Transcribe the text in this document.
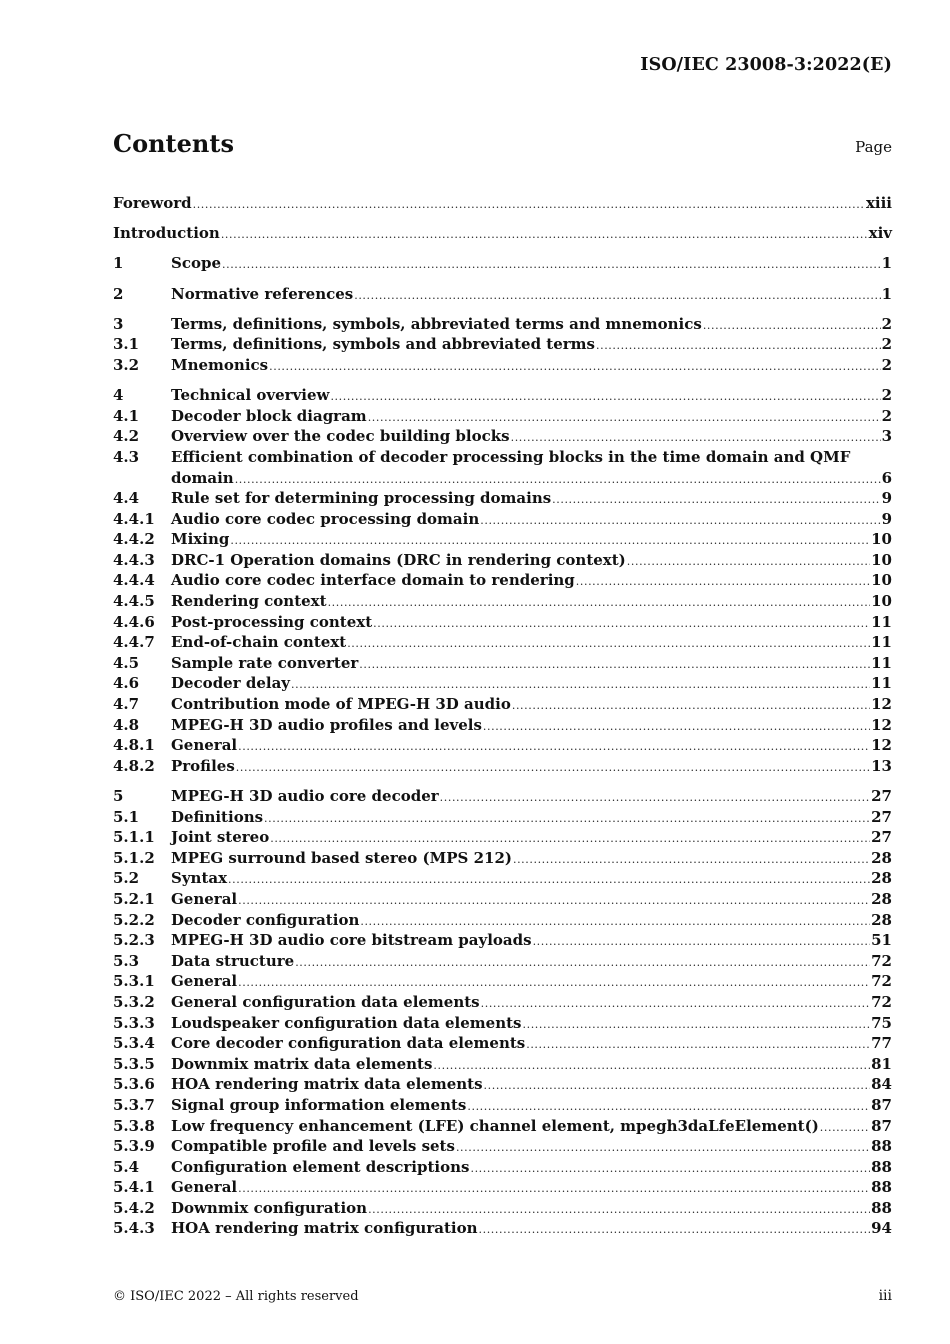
ISO/IEC 23008-3:2022(E)
Contents	Page
Foreword .....	xiii
Introduction .....	xiv
1	Scope .....	1
2	Normative references .....	1
3	Terms, definitions, symbols, abbreviated terms and mnemonics .....	2
3.1 Terms, definitions, symbols and abbreviated terms .....	2
3.2 Mnemonics .....	2
4	Technical overview .....	2
4.1 Decoder block diagram .....	2
4.2 Overview over the codec building blocks .....	3
4.3 Efficient combination of decoder processing blocks in the time domain and QMF
domain .....	6
4.4 Rule set for determining processing domains .....	9
4.4.1 Audio core codec processing domain .....	9
4.4.2 Mixing .....	10
4.4.3 DRC-1 Operation domains (DRC in rendering context) .....	10
4.4.4 Audio core codec interface domain to rendering .....	10
4.4.5 Rendering context .....	10
4.4.6 Post-processing context .....	11
4.4.7 End-of-chain context .....	11
4.5 Sample rate converter .....	11
4.6 Decoder delay .....	11
4.7 Contribution mode of MPEG-H 3D audio .....	12
4.8 MPEG-H 3D audio profiles and levels .....	12
4.8.1 General .....	12
4.8.2 Profiles .....	13
5	MPEG-H 3D audio core decoder .....	27
5.1 Definitions .....	27
5.1.1 Joint stereo .....	27
5.1.2 MPEG surround based stereo (MPS 212) .....	28
5.2 Syntax .....	28
5.2.1 General .....	28
5.2.2 Decoder configuration .....	28
5.2.3 MPEG-H 3D audio core bitstream payloads .....	51
5.3 Data structure .....	72
5.3.1 General .....	72
5.3.2 General configuration data elements .....	72
5.3.3 Loudspeaker configuration data elements .....	75
5.3.4 Core decoder configuration data elements .....	77
5.3.5 Downmix matrix data elements .....	81
5.3.6 HOA rendering matrix data elements .....	84
5.3.7 Signal group information elements .....	87
5.3.8 Low frequency enhancement (LFE) channel element, mpegh3daLfeElement() .....	87
5.3.9 Compatible profile and levels sets .....	88
5.4 Configuration element descriptions .....	88
5.4.1 General .....	88
5.4.2 Downmix configuration .....	88
5.4.3 HOA rendering matrix configuration .....	94
© ISO/IEC 2022 – All rights reserved	iii
